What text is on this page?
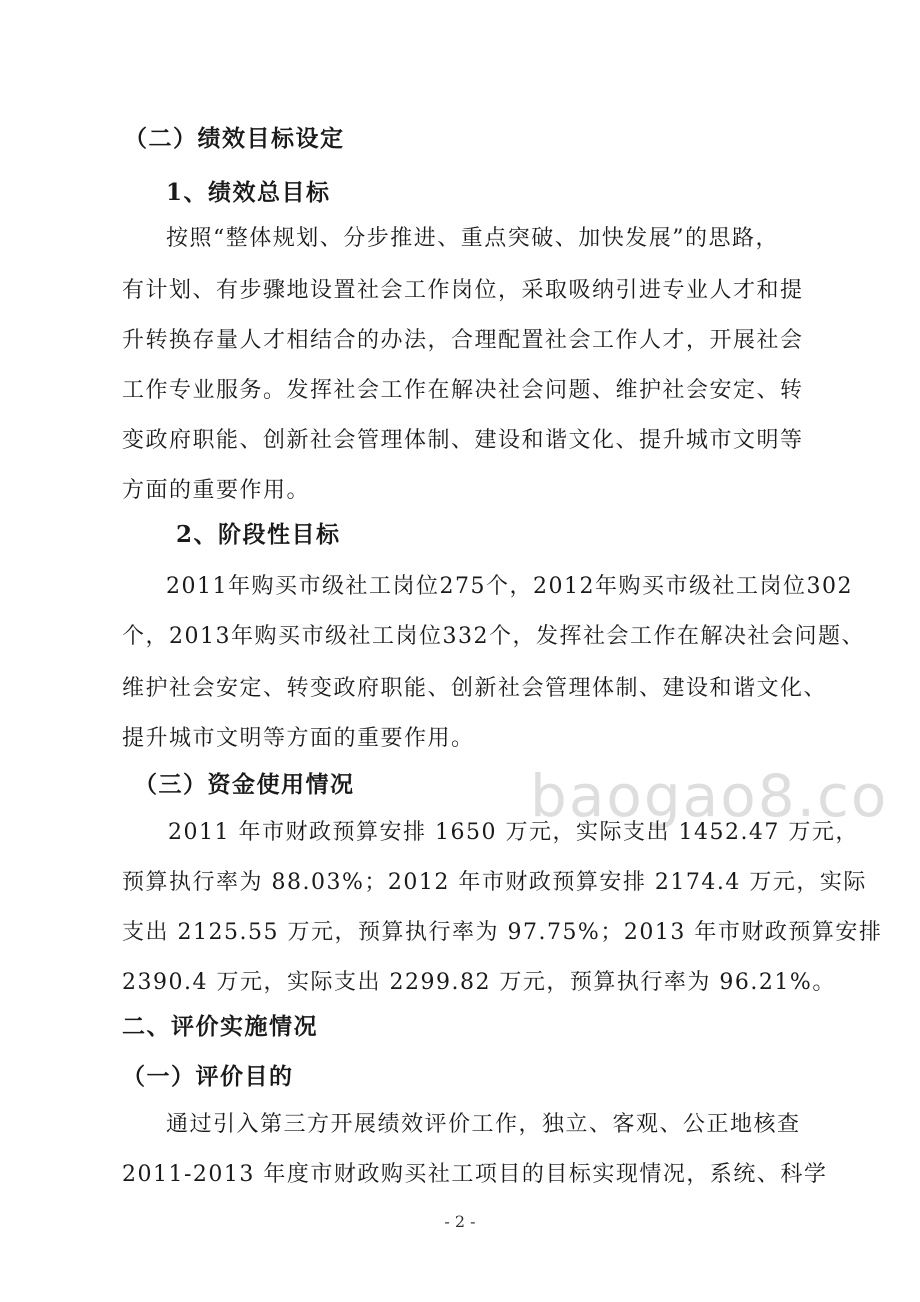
（二）绩效目标设定
1、绩效总目标
按照“整体规划、分步推进、重点突破、加快发展”的思路，
有计划、有步骤地设置社会工作岗位，采取吸纳引进专业人才和提
升转换存量人才相结合的办法，合理配置社会工作人才，开展社会
工作专业服务。发挥社会工作在解决社会问题、维护社会安定、转
变政府职能、创新社会管理体制、建设和谐文化、提升城市文明等
方面的重要作用。
2、阶段性目标
2011年购买市级社工岗位275个，2012年购买市级社工岗位302
个，2013年购买市级社工岗位332个，发挥社会工作在解决社会问题、
维护社会安定、转变政府职能、创新社会管理体制、建设和谐文化、
提升城市文明等方面的重要作用。
（三）资金使用情况	baogao8.co
2011 年市财政预算安排 1650 万元，实际支出 1452.47 万元，
预算执行率为 88.03%；2012 年市财政预算安排 2174.4 万元，实际
支出 2125.55 万元，预算执行率为 97.75%；2013 年市财政预算安排
2390.4 万元，实际支出 2299.82 万元，预算执行率为 96.21%。
二、评价实施情况
（一）评价目的
通过引入第三方开展绩效评价工作，独立、客观、公正地核查
2011-2013 年度市财政购买社工项目的目标实现情况，系统、科学
- 2 -
